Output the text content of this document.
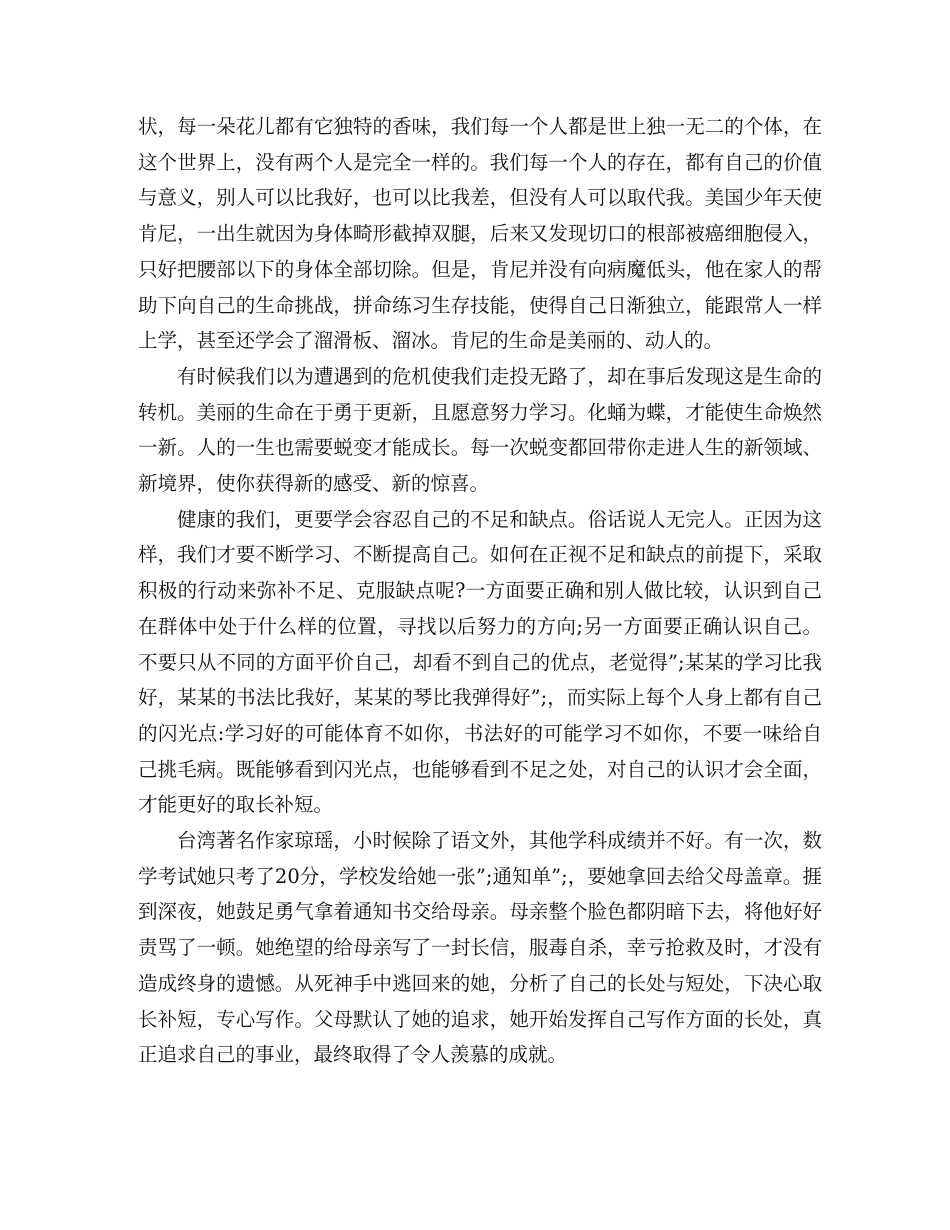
状，每一朵花儿都有它独特的香味，我们每一个人都是世上独一无二的个体，在这个世界上，没有两个人是完全一样的。我们每一个人的存在，都有自己的价值与意义，别人可以比我好，也可以比我差，但没有人可以取代我。美国少年天使肯尼，一出生就因为身体畸形截掉双腿，后来又发现切口的根部被癌细胞侵入，只好把腰部以下的身体全部切除。但是，肯尼并没有向病魔低头，他在家人的帮助下向自己的生命挑战，拼命练习生存技能，使得自己日渐独立，能跟常人一样上学，甚至还学会了溜滑板、溜冰。肯尼的生命是美丽的、动人的。

有时候我们以为遭遇到的危机使我们走投无路了，却在事后发现这是生命的转机。美丽的生命在于勇于更新，且愿意努力学习。化蛹为蝶，才能使生命焕然一新。人的一生也需要蜕变才能成长。每一次蜕变都回带你走进人生的新领域、新境界，使你获得新的感受、新的惊喜。

健康的我们，更要学会容忍自己的不足和缺点。俗话说人无完人。正因为这样，我们才要不断学习、不断提高自己。如何在正视不足和缺点的前提下，采取积极的行动来弥补不足、克服缺点呢?一方面要正确和别人做比较，认识到自己在群体中处于什么样的位置，寻找以后努力的方向;另一方面要正确认识自己。不要只从不同的方面平价自己，却看不到自己的优点，老觉得”;某某的学习比我好，某某的书法比我好，某某的琴比我弹得好”;，而实际上每个人身上都有自己的闪光点:学习好的可能体育不如你，书法好的可能学习不如你，不要一味给自己挑毛病。既能够看到闪光点，也能够看到不足之处，对自己的认识才会全面，才能更好的取长补短。

台湾著名作家琼瑶，小时候除了语文外，其他学科成绩并不好。有一次，数学考试她只考了20分，学校发给她一张”;通知单”;，要她拿回去给父母盖章。捱到深夜，她鼓足勇气拿着通知书交给母亲。母亲整个脸色都阴暗下去，将他好好责骂了一顿。她绝望的给母亲写了一封长信，服毒自杀，幸亏抢救及时，才没有造成终身的遗憾。从死神手中逃回来的她，分析了自己的长处与短处，下决心取长补短，专心写作。父母默认了她的追求，她开始发挥自己写作方面的长处，真正追求自己的事业，最终取得了令人羡慕的成就。
